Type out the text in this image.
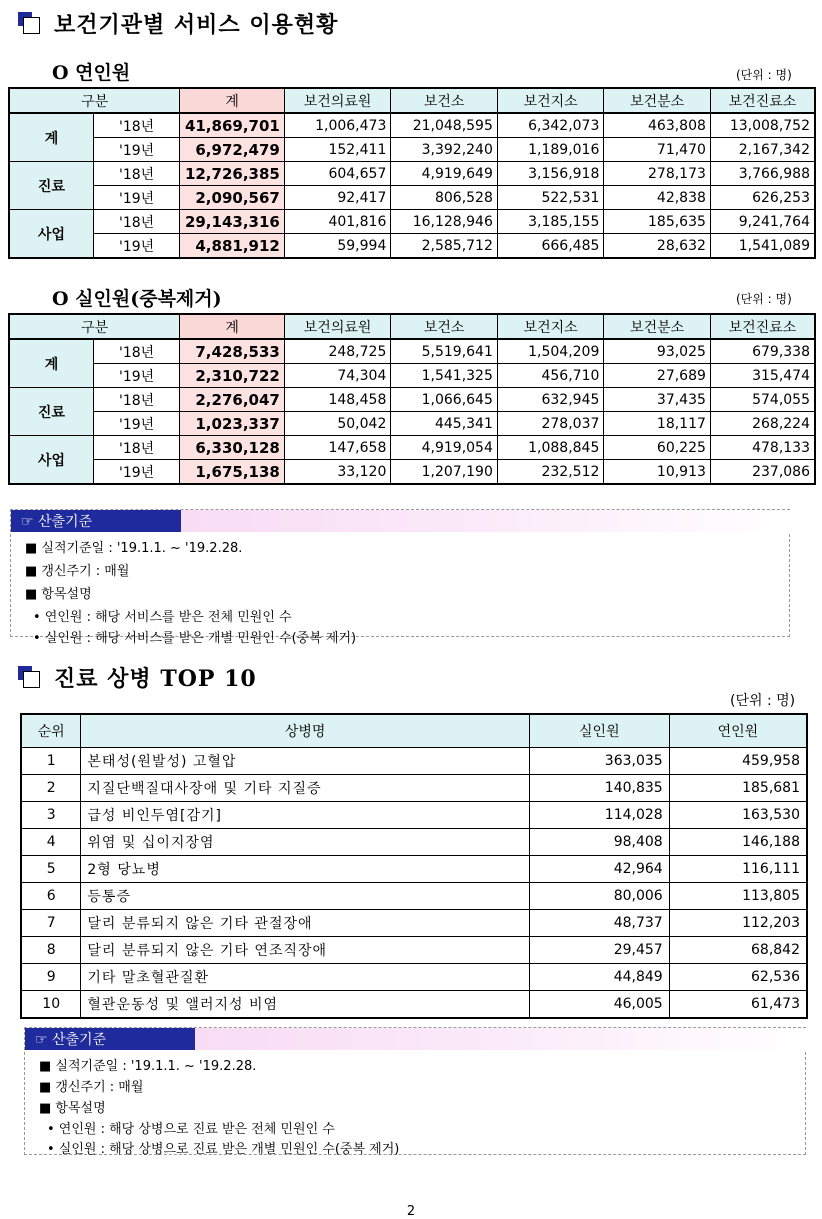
보건기관별 서비스 이용현황
O 연인원	(단위 : 명)
구분		계	보건의료원	보건소	보건지소	보건분소	보건진료소
계	'18년	41,869,701	1,006,473	21,048,595	6,342,073	463,808	13,008,752
	'19년	6,972,479	152,411	3,392,240	1,189,016	71,470	2,167,342
진료	'18년	12,726,385	604,657	4,919,649	3,156,918	278,173	3,766,988
	'19년	2,090,567	92,417	806,528	522,531	42,838	626,253
사업	'18년	29,143,316	401,816	16,128,946	3,185,155	185,635	9,241,764
	'19년	4,881,912	59,994	2,585,712	666,485	28,632	1,541,089
O 실인원(중복제거)	(단위 : 명)
구분		계	보건의료원	보건소	보건지소	보건분소	보건진료소
계	'18년	7,428,533	248,725	5,519,641	1,504,209	93,025	679,338
	'19년	2,310,722	74,304	1,541,325	456,710	27,689	315,474
진료	'18년	2,276,047	148,458	1,066,645	632,945	37,435	574,055
	'19년	1,023,337	50,042	445,341	278,037	18,117	268,224
사업	'18년	6,330,128	147,658	4,919,054	1,088,845	60,225	478,133
	'19년	1,675,138	33,120	1,207,190	232,512	10,913	237,086
☞ 산출기준
■ 실적기준일 : '19.1.1. ~ '19.2.28.
■ 갱신주기 : 매월
■ 항목설명
• 연인원 : 해당 서비스를 받은 전체 민원인 수
• 실인원 : 해당 서비스를 받은 개별 민원인 수(중복 제거)
진료 상병 TOP 10
(단위 : 명)
순위	상병명	실인원	연인원
1	본태성(원발성) 고혈압	363,035	459,958
2	지질단백질대사장애 및 기타 지질증	140,835	185,681
3	급성 비인두염[감기]	114,028	163,530
4	위염 및 십이지장염	98,408	146,188
5	2형 당뇨병	42,964	116,111
6	등통증	80,006	113,805
7	달리 분류되지 않은 기타 관절장애	48,737	112,203
8	달리 분류되지 않은 기타 연조직장애	29,457	68,842
9	기타 말초혈관질환	44,849	62,536
10	혈관운동성 및 앨러지성 비염	46,005	61,473
☞ 산출기준
■ 실적기준일 : '19.1.1. ~ '19.2.28.
■ 갱신주기 : 매월
■ 항목설명
• 연인원 : 해당 상병으로 진료 받은 전체 민원인 수
• 실인원 : 해당 상병으로 진료 받은 개별 민원인 수(중복 제거)
2
